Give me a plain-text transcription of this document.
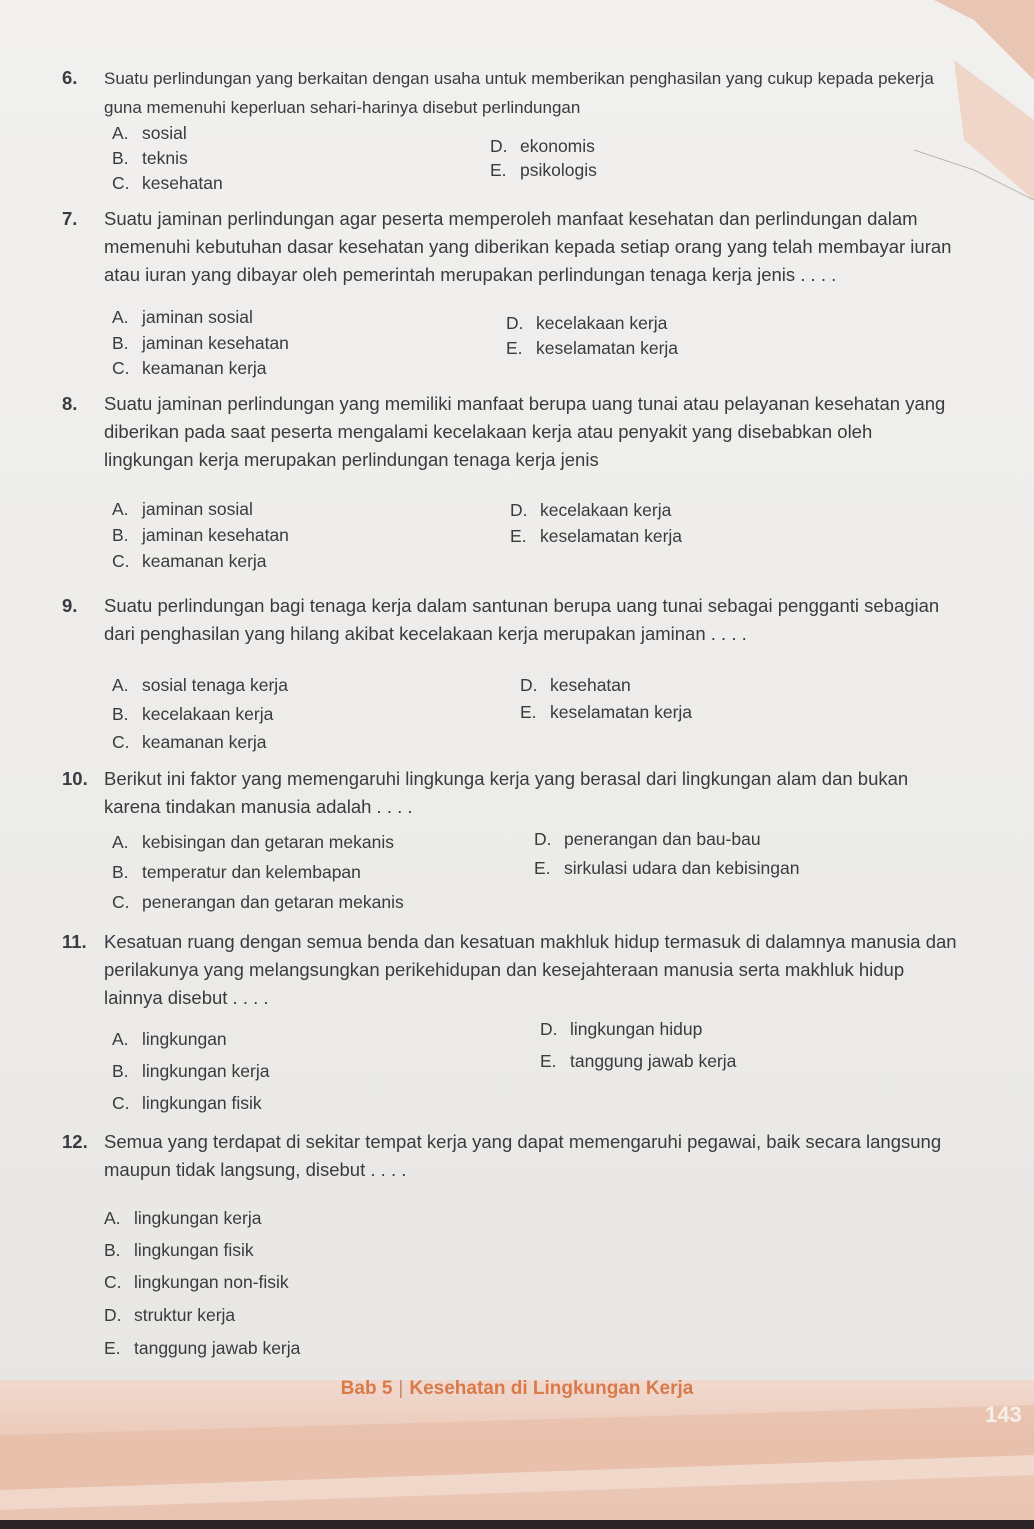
6. Suatu perlindungan yang berkaitan dengan usaha untuk memberikan penghasilan yang cukup kepada pekerja guna memenuhi keperluan sehari-harinya disebut perlindungan

A. sosial
B. teknis
C. kesehatan
D. ekonomis
E. psikologis

7. Suatu jaminan perlindungan agar peserta memperoleh manfaat kesehatan dan perlindungan dalam memenuhi kebutuhan dasar kesehatan yang diberikan kepada setiap orang yang telah membayar iuran atau iuran yang dibayar oleh pemerintah merupakan perlindungan tenaga kerja jenis . . . .

A. jaminan sosial
B. jaminan kesehatan
C. keamanan kerja
D. kecelakaan kerja
E. keselamatan kerja

8. Suatu jaminan perlindungan yang memiliki manfaat berupa uang tunai atau pelayanan kesehatan yang diberikan pada saat peserta mengalami kecelakaan kerja atau penyakit yang disebabkan oleh lingkungan kerja merupakan perlindungan tenaga kerja jenis

A. jaminan sosial
B. jaminan kesehatan
C. keamanan kerja
D. kecelakaan kerja
E. keselamatan kerja

9. Suatu perlindungan bagi tenaga kerja dalam santunan berupa uang tunai sebagai pengganti sebagian dari penghasilan yang hilang akibat kecelakaan kerja merupakan jaminan . . . .

A. sosial tenaga kerja
B. kecelakaan kerja
C. keamanan kerja
D. kesehatan
E. keselamatan kerja

10. Berikut ini faktor yang memengaruhi lingkunga kerja yang berasal dari lingkungan alam dan bukan karena tindakan manusia adalah . . . .

A. kebisingan dan getaran mekanis
B. temperatur dan kelembapan
C. penerangan dan getaran mekanis
D. penerangan dan bau-bau
E. sirkulasi udara dan kebisingan

11. Kesatuan ruang dengan semua benda dan kesatuan makhluk hidup termasuk di dalamnya manusia dan perilakunya yang melangsungkan perikehidupan dan kesejahteraan manusia serta makhluk hidup lainnya disebut . . . .

A. lingkungan
B. lingkungan kerja
C. lingkungan fisik
D. lingkungan hidup
E. tanggung jawab kerja

12. Semua yang terdapat di sekitar tempat kerja yang dapat memengaruhi pegawai, baik secara langsung maupun tidak langsung, disebut . . . .

A. lingkungan kerja
B. lingkungan fisik
C. lingkungan non-fisik
D. struktur kerja
E. tanggung jawab kerja
Bab 5 | Kesehatan di Lingkungan Kerja
143
